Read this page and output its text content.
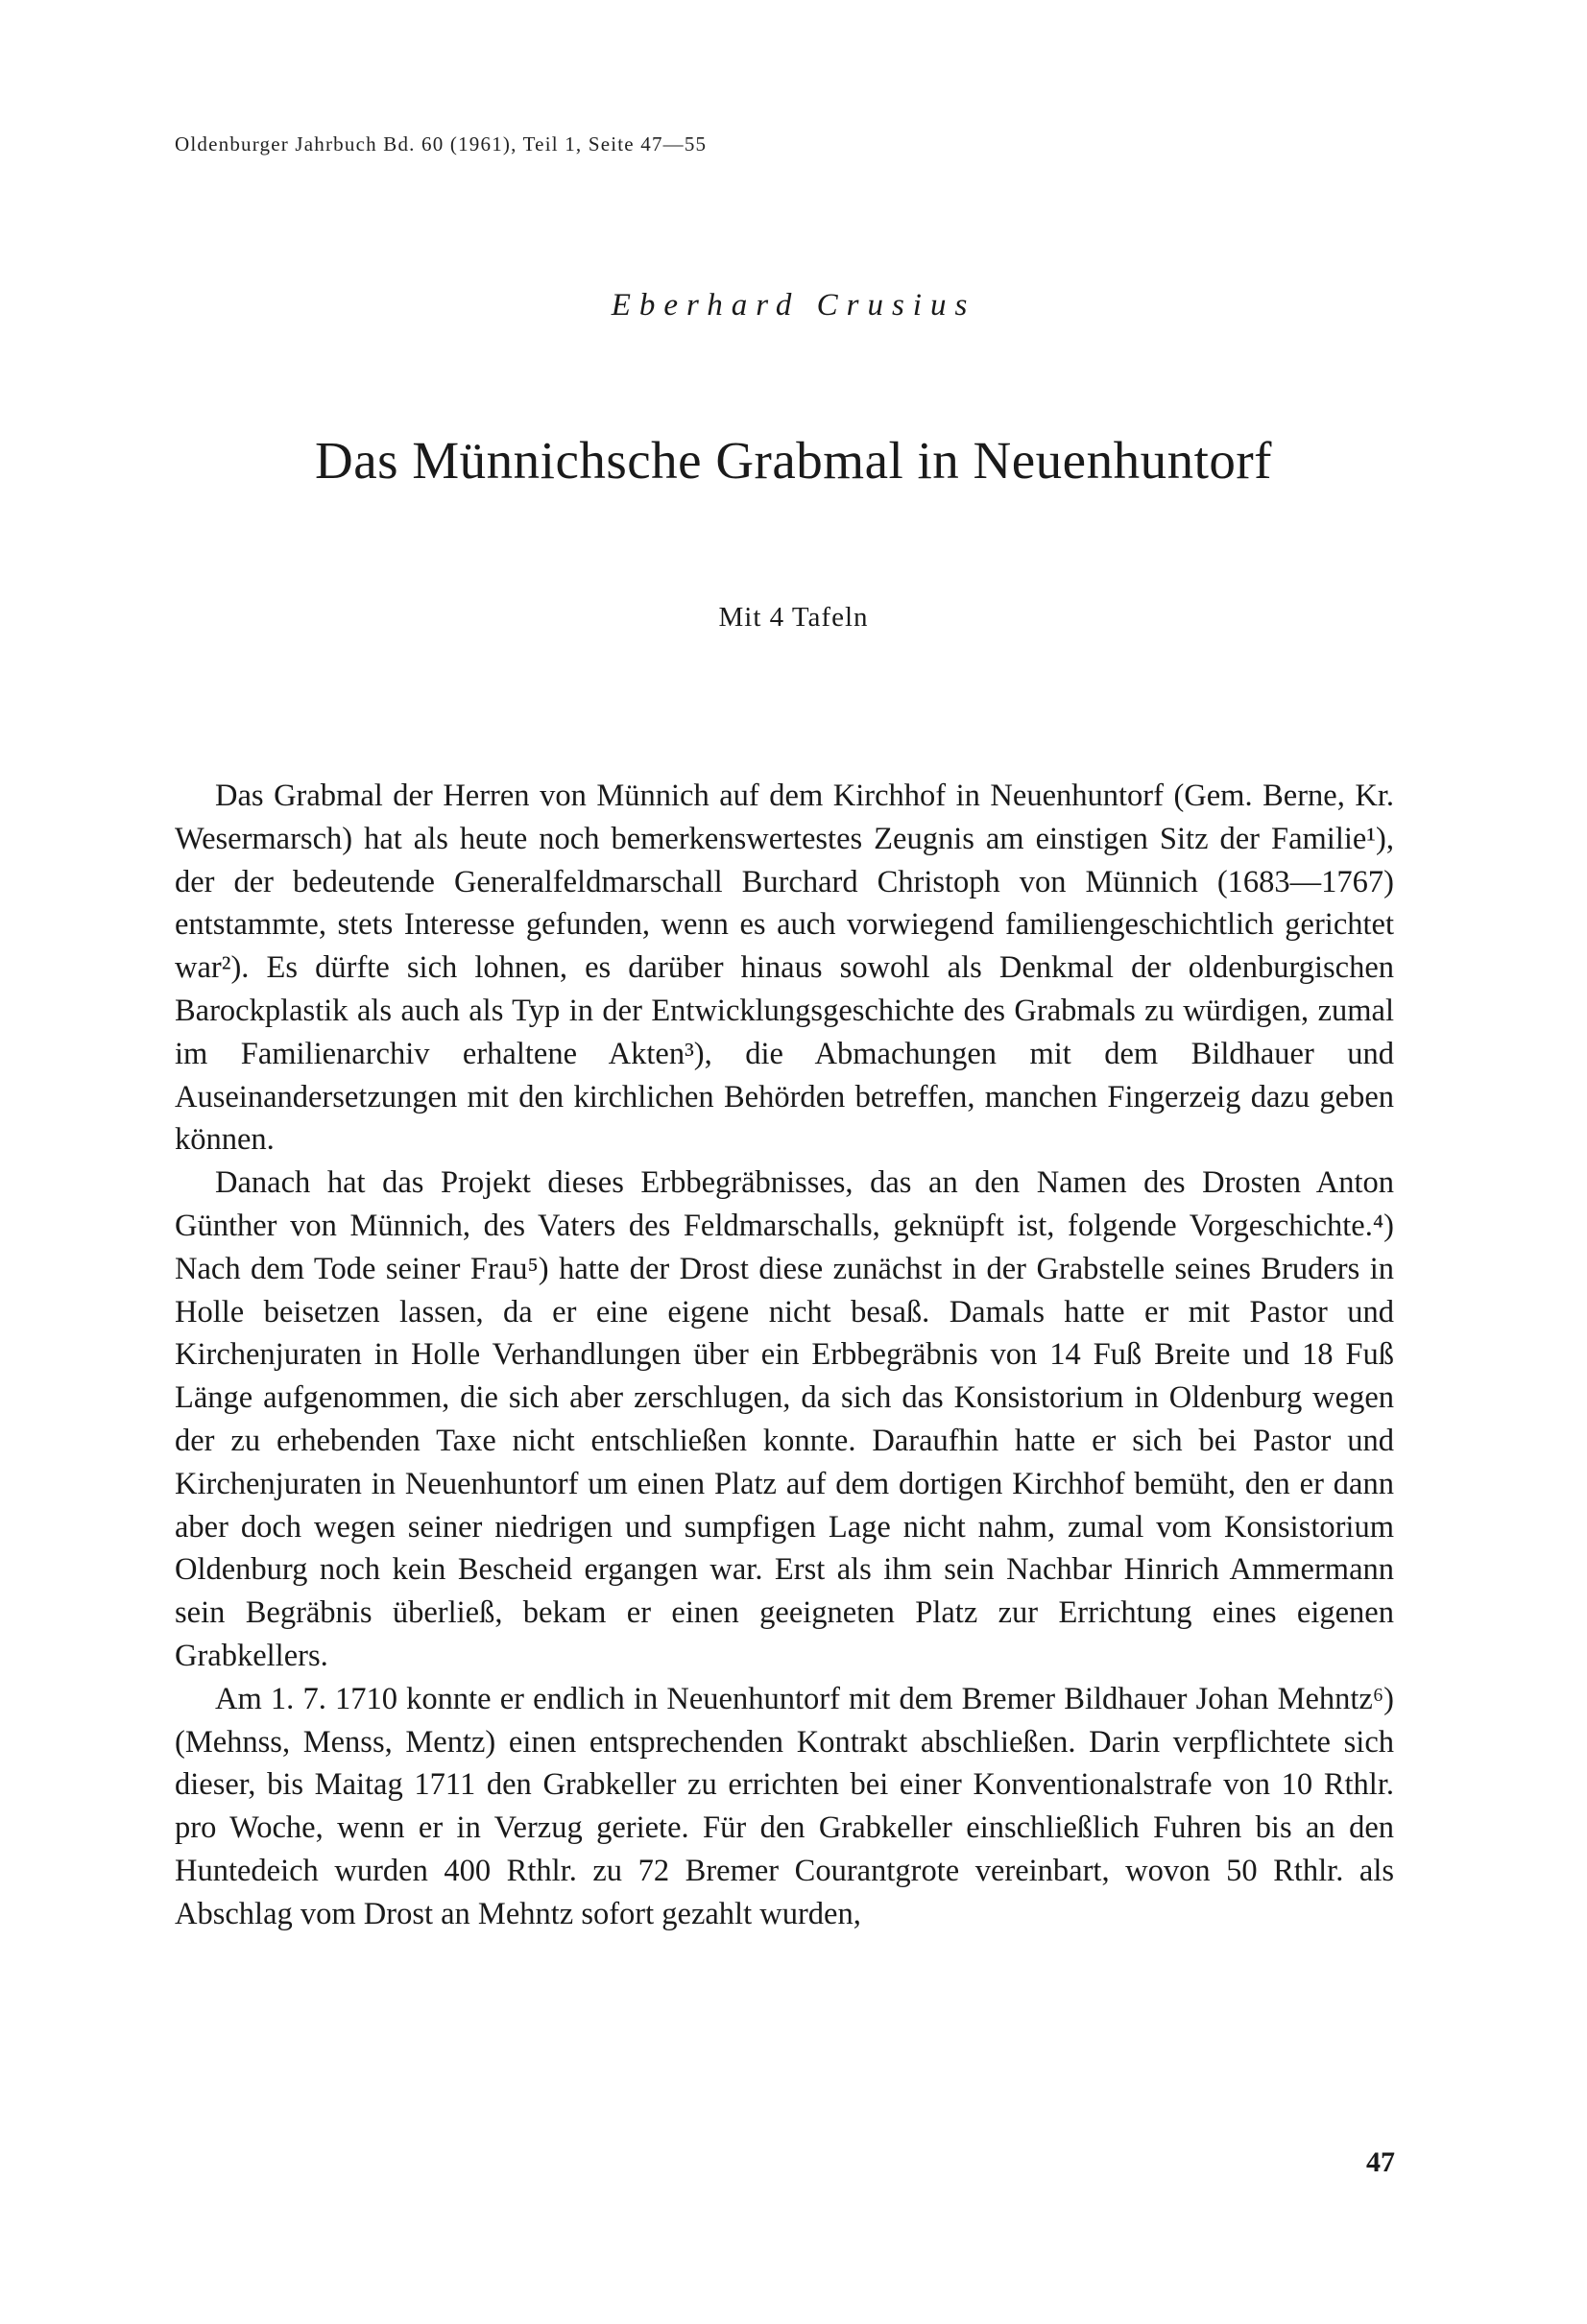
Oldenburger Jahrbuch Bd. 60 (1961), Teil 1, Seite 47—55
Eberhard Crusius
Das Münnichsche Grabmal in Neuenhuntorf
Mit 4 Tafeln

Das Grabmal der Herren von Münnich auf dem Kirchhof in Neuenhuntorf (Gem. Berne, Kr. Wesermarsch) hat als heute noch bemerkenswertestes Zeugnis am einstigen Sitz der Familie¹), der der bedeutende Generalfeldmarschall Burchard Christoph von Münnich (1683—1767) entstammte, stets Interesse gefunden, wenn es auch vorwiegend familiengeschichtlich gerichtet war²). Es dürfte sich lohnen, es darüber hinaus sowohl als Denkmal der oldenburgischen Barockplastik als auch als Typ in der Entwicklungsgeschichte des Grabmals zu würdigen, zumal im Familienarchiv erhaltene Akten³), die Abmachungen mit dem Bildhauer und Auseinandersetzungen mit den kirchlichen Behörden betreffen, manchen Fingerzeig dazu geben können.

Danach hat das Projekt dieses Erbbegräbnisses, das an den Namen des Drosten Anton Günther von Münnich, des Vaters des Feldmarschalls, geknüpft ist, folgende Vorgeschichte.⁴) Nach dem Tode seiner Frau⁵) hatte der Drost diese zunächst in der Grabstelle seines Bruders in Holle beisetzen lassen, da er eine eigene nicht besaß. Damals hatte er mit Pastor und Kirchenjuraten in Holle Verhandlungen über ein Erbbegräbnis von 14 Fuß Breite und 18 Fuß Länge aufgenommen, die sich aber zerschlugen, da sich das Konsistorium in Oldenburg wegen der zu erhebenden Taxe nicht entschließen konnte. Daraufhin hatte er sich bei Pastor und Kirchenjuraten in Neuenhuntorf um einen Platz auf dem dortigen Kirchhof bemüht, den er dann aber doch wegen seiner niedrigen und sumpfigen Lage nicht nahm, zumal vom Konsistorium Oldenburg noch kein Bescheid ergangen war. Erst als ihm sein Nachbar Hinrich Ammermann sein Begräbnis überließ, bekam er einen geeigneten Platz zur Errichtung eines eigenen Grabkellers.

Am 1. 7. 1710 konnte er endlich in Neuenhuntorf mit dem Bremer Bildhauer Johan Mehntz⁶) (Mehnss, Menss, Mentz) einen entsprechenden Kontrakt abschließen. Darin verpflichtete sich dieser, bis Maitag 1711 den Grabkeller zu errichten bei einer Konventionalstrafe von 10 Rthlr. pro Woche, wenn er in Verzug geriete. Für den Grabkeller einschließlich Fuhren bis an den Huntedeich wurden 400 Rthlr. zu 72 Bremer Courantgrote vereinbart, wovon 50 Rthlr. als Abschlag vom Drost an Mehntz sofort gezahlt wurden,

47
